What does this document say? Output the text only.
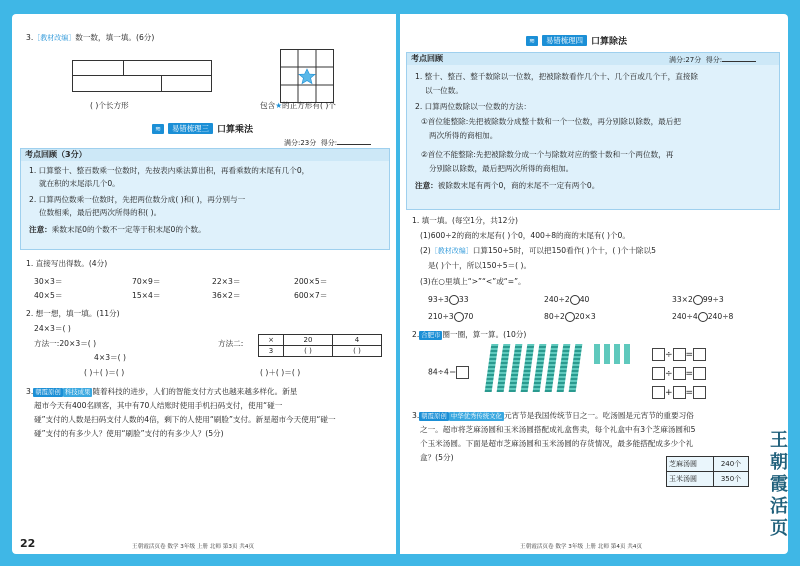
3.［教材改编］数一数，填一填。(6分)
( )个长方形	包含★的正方形有( )个
≋	易错梳理三 口算乘法
满分:23分 得分:
考点回顾（3分）
1. 口算整十、整百数乘一位数时，先按表内乘法算出积，再看乘数的末尾有几个0，
就在积的末尾添几个0。
2. 口算两位数乘一位数时，先把两位数分成( )和( )，再分别与一
位数相乘，最后把两次所得的积( )。
注意：乘数末尾0的个数不一定等于积末尾0的个数。
1. 直接写出得数。(4分)
30×3＝	70×9＝	22×3＝	200×5＝
40×5＝	15×4＝	36×2＝	600×7＝
2. 想一想，填一填。(11分)
24×3＝( )
方法一:20×3＝( )
4×3＝( )
( )＋( )＝( )
方法二:	×	20	4
3	( )	( )
( )＋( )＝( )
3. 朝霞原创 科技成果 随着科技的进步，人们的智能支付方式也越来越多样化。新星
超市今天有400名顾客，其中有70人结账时使用手机扫码支付，使用“碰一
碰”支付的人数是扫码支付人数的4倍，剩下的人使用“刷脸”支付。新星超市今天使用“碰一
碰”支付的有多少人？使用“刷脸”支付的有多少人？(5分)
22	王朝霞活页卷 数学 3年级 上册 北师 第3页 共4页
≋	易错梳理四 口算除法
考点回顾	满分:27分 得分:
1. 整十、整百、整千数除以一位数，把被除数看作几个十、几个百或几个千，直接除
以一位数。
2. 口算两位数除以一位数的方法：
①首位能整除:先把被除数分成整十数和一个一位数，再分别除以除数，最后把
两次所得的商相加。
②首位不能整除:先把被除数分成一个与除数对应的整十数和一个两位数，再
分别除以除数，最后把两次所得的商相加。
注意：被除数末尾有两个0，商的末尾不一定有两个0。
1. 填一填。(每空1分，共12分)
(1)600÷2的商的末尾有( )个0，400÷8的商的末尾有( )个0。
(2)［教材改编］口算150÷5时，可以把150看作( )个十，( )个十除以5
是( )个十，所以150÷5＝( )。
(3)在○里填上“>”“<”或“=”。
93÷3 33	240÷2 40	33×2 99÷3
210÷3 70	80÷2 20×3	240÷4 240÷8
2. 合肥市 圈一圈，算一算。(10分)
84÷4＝
÷ =
÷ =
+ =
3. 朝霞原创 中华优秀传统文化 元宵节是我国传统节日之一。吃汤圆是元宵节的重要习俗
之一。超市将芝麻汤圆和玉米汤圆搭配成礼盒售卖，每个礼盒中有3个芝麻汤圆和5
个玉米汤圆。下面是超市芝麻汤圆和玉米汤圆的存货情况，最多能搭配成多少个礼
盒？(5分)
芝麻汤圆	240个
玉米汤圆	350个
王朝霞活页卷 数学 3年级 上册 北师 第4页 共4页
王朝霞活页
